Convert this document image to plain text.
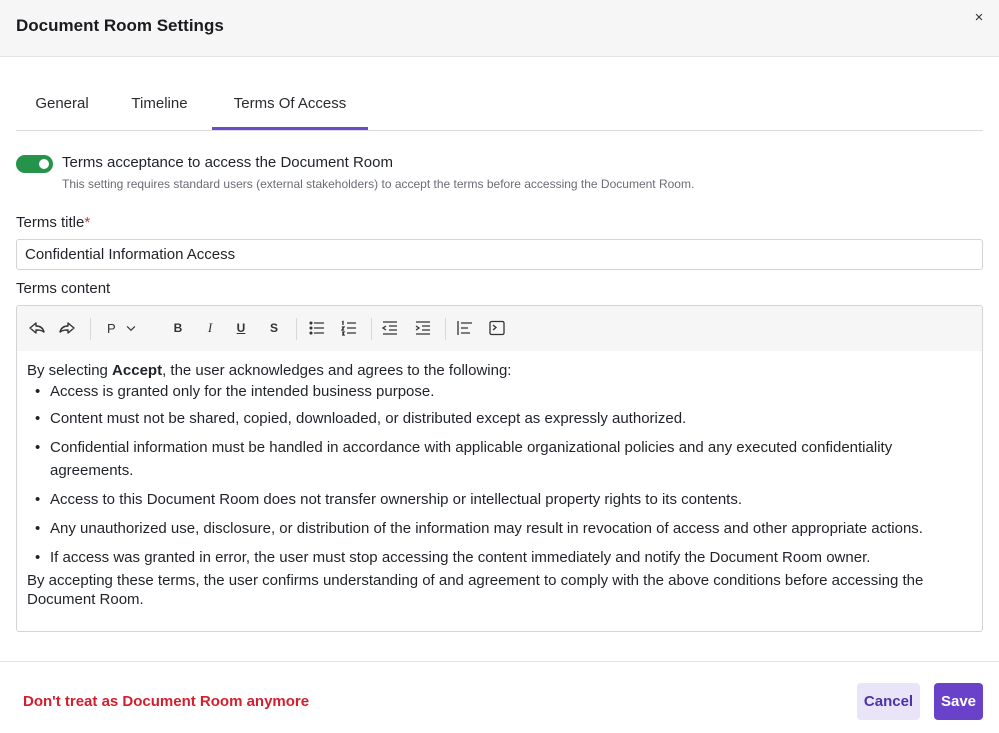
Document Room Settings	×
General	Timeline	Terms Of Access
Terms acceptance to access the Document Room
This setting requires standard users (external stakeholders) to accept the terms before accessing the Document Room.
Terms title*
Confidential Information Access
Terms content
P	B I U S

By selecting Accept, the user acknowledges and agrees to the following:

• Access is granted only for the intended business purpose.
• Content must not be shared, copied, downloaded, or distributed except as expressly authorized.
• Confidential information must be handled in accordance with applicable organizational policies and any executed confidentiality agreements.
• Access to this Document Room does not transfer ownership or intellectual property rights to its contents.
• Any unauthorized use, disclosure, or distribution of the information may result in revocation of access and other appropriate actions.
• If access was granted in error, the user must stop accessing the content immediately and notify the Document Room owner.

By accepting these terms, the user confirms understanding of and agreement to comply with the above conditions before accessing the Document Room.

Don't treat as Document Room anymore	Cancel	Save
